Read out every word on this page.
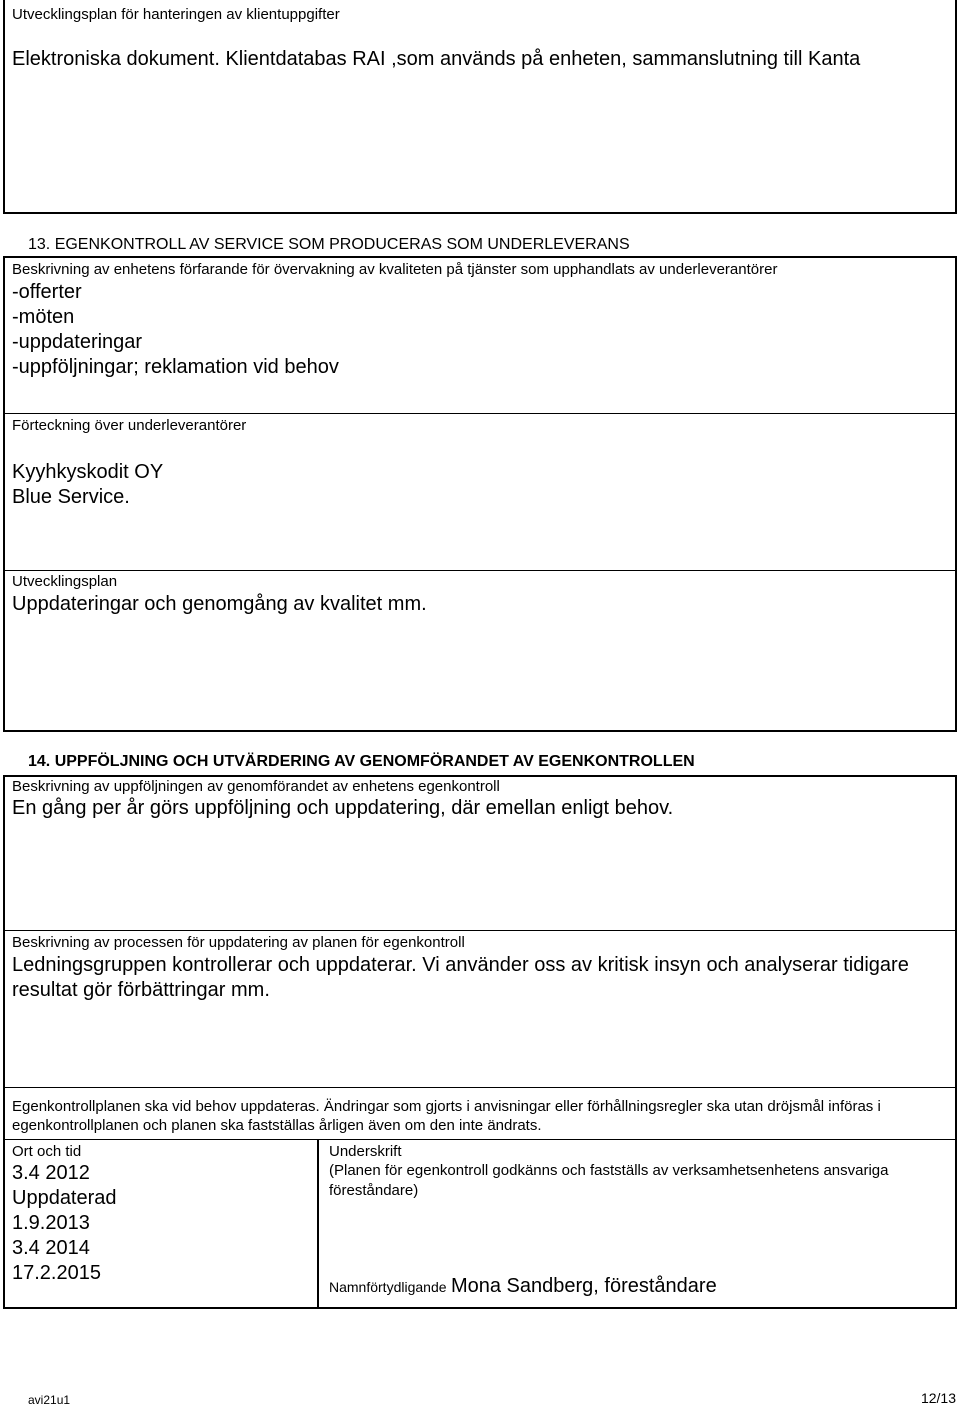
Utvecklingsplan för hanteringen av klientuppgifter
Elektroniska dokument. Klientdatabas RAI ,som används på enheten, sammanslutning till Kanta
13. EGENKONTROLL AV SERVICE SOM PRODUCERAS SOM UNDERLEVERANS
Beskrivning av enhetens förfarande för övervakning av kvaliteten på tjänster som upphandlats av underleverantörer
-offerter
-möten
-uppdateringar
-uppföljningar; reklamation vid behov
Förteckning över underleverantörer
Kyyhkyskodit OY
Blue Service.
Utvecklingsplan
Uppdateringar och genomgång av kvalitet mm.
14. UPPFÖLJNING OCH UTVÄRDERING AV GENOMFÖRANDET AV EGENKONTROLLEN
Beskrivning av uppföljningen av genomförandet av enhetens egenkontroll
En gång per år görs uppföljning och uppdatering, där emellan enligt behov.
Beskrivning av processen för uppdatering av planen för egenkontroll
Ledningsgruppen kontrollerar och uppdaterar. Vi använder oss av kritisk insyn och analyserar tidigare resultat gör förbättringar mm.
Egenkontrollplanen ska vid behov uppdateras. Ändringar som gjorts i anvisningar eller förhållningsregler ska utan dröjsmål införas i egenkontrollplanen och planen ska fastställas årligen även om den inte ändrats.
Ort och tid
3.4 2012
Uppdaterad
1.9.2013
3.4 2014
17.2.2015
Underskrift
(Planen för egenkontroll godkänns och fastställs av verksamhetsenhetens ansvariga föreståndare)
Namnförtydligande Mona Sandberg, föreståndare
avi21u1	12/13
